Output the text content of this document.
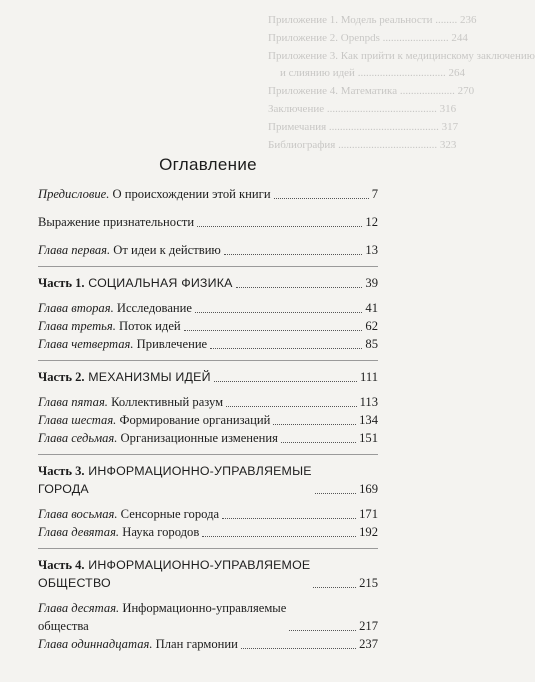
Приложение 1. Модель реальности ........ 236
Приложение 2. Openpds ........................ 244
Приложение 3. Как прийти к медицинскому заключению
и слиянию идей ................................ 264
Приложение 4. Математика .................... 270
Заключение ........................................ 316
Примечания ........................................ 317
Библиография .................................... 323
Оглавление
Предисловие. О происхождении этой книги	7
Выражение признательности	12
Глава первая. От идеи к действию	13
Часть 1. СОЦИАЛЬНАЯ ФИЗИКА	39
Глава вторая. Исследование	41
Глава третья. Поток идей	62
Глава четвертая. Привлечение	85
Часть 2. МЕХАНИЗМЫ ИДЕЙ	111
Глава пятая. Коллективный разум	113
Глава шестая. Формирование организаций	134
Глава седьмая. Организационные изменения	151
Часть 3. ИНФОРМАЦИОННО-УПРАВЛЯЕМЫЕ
ГОРОДА	169
Глава восьмая. Сенсорные города	171
Глава девятая. Наука городов	192
Часть 4. ИНФОРМАЦИОННО-УПРАВЛЯЕМОЕ
ОБЩЕСТВО	215
Глава десятая. Информационно-управляемые
общества	217
Глава одиннадцатая. План гармонии	237
